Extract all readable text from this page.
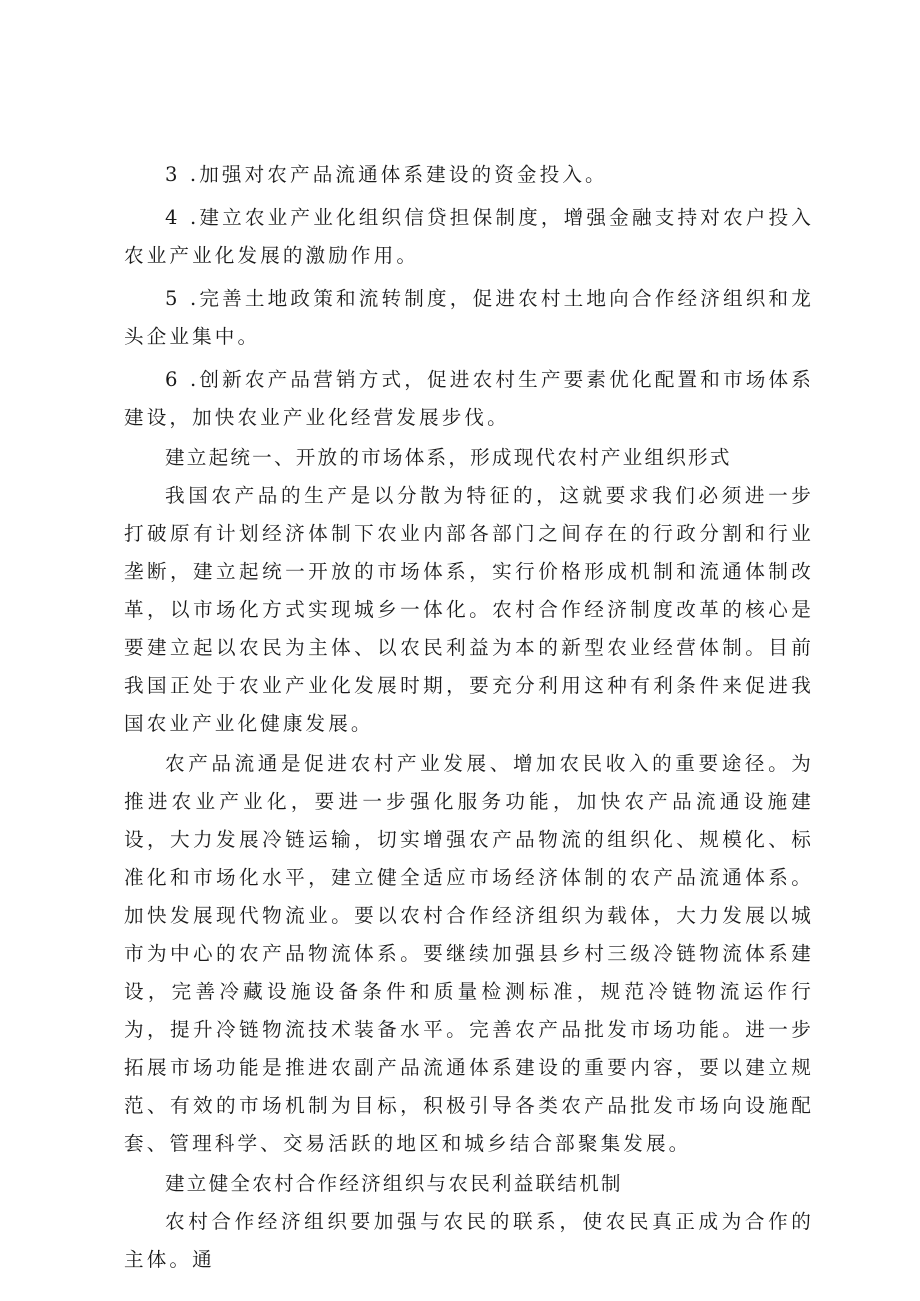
3 .加强对农产品流通体系建设的资金投入。

4 .建立农业产业化组织信贷担保制度，增强金融支持对农户投入农业产业化发展的激励作用。

5 .完善土地政策和流转制度，促进农村土地向合作经济组织和龙头企业集中。

6 .创新农产品营销方式，促进农村生产要素优化配置和市场体系建设，加快农业产业化经营发展步伐。

建立起统一、开放的市场体系，形成现代农村产业组织形式

我国农产品的生产是以分散为特征的，这就要求我们必须进一步打破原有计划经济体制下农业内部各部门之间存在的行政分割和行业垄断，建立起统一开放的市场体系，实行价格形成机制和流通体制改革，以市场化方式实现城乡一体化。农村合作经济制度改革的核心是要建立起以农民为主体、以农民利益为本的新型农业经营体制。目前我国正处于农业产业化发展时期，要充分利用这种有利条件来促进我国农业产业化健康发展。

农产品流通是促进农村产业发展、增加农民收入的重要途径。为推进农业产业化，要进一步强化服务功能，加快农产品流通设施建设，大力发展冷链运输，切实增强农产品物流的组织化、规模化、标准化和市场化水平，建立健全适应市场经济体制的农产品流通体系。加快发展现代物流业。要以农村合作经济组织为载体，大力发展以城市为中心的农产品物流体系。要继续加强县乡村三级冷链物流体系建设，完善冷藏设施设备条件和质量检测标准，规范冷链物流运作行为，提升冷链物流技术装备水平。完善农产品批发市场功能。进一步拓展市场功能是推进农副产品流通体系建设的重要内容，要以建立规范、有效的市场机制为目标，积极引导各类农产品批发市场向设施配套、管理科学、交易活跃的地区和城乡结合部聚集发展。

建立健全农村合作经济组织与农民利益联结机制

农村合作经济组织要加强与农民的联系，使农民真正成为合作的主体。通
